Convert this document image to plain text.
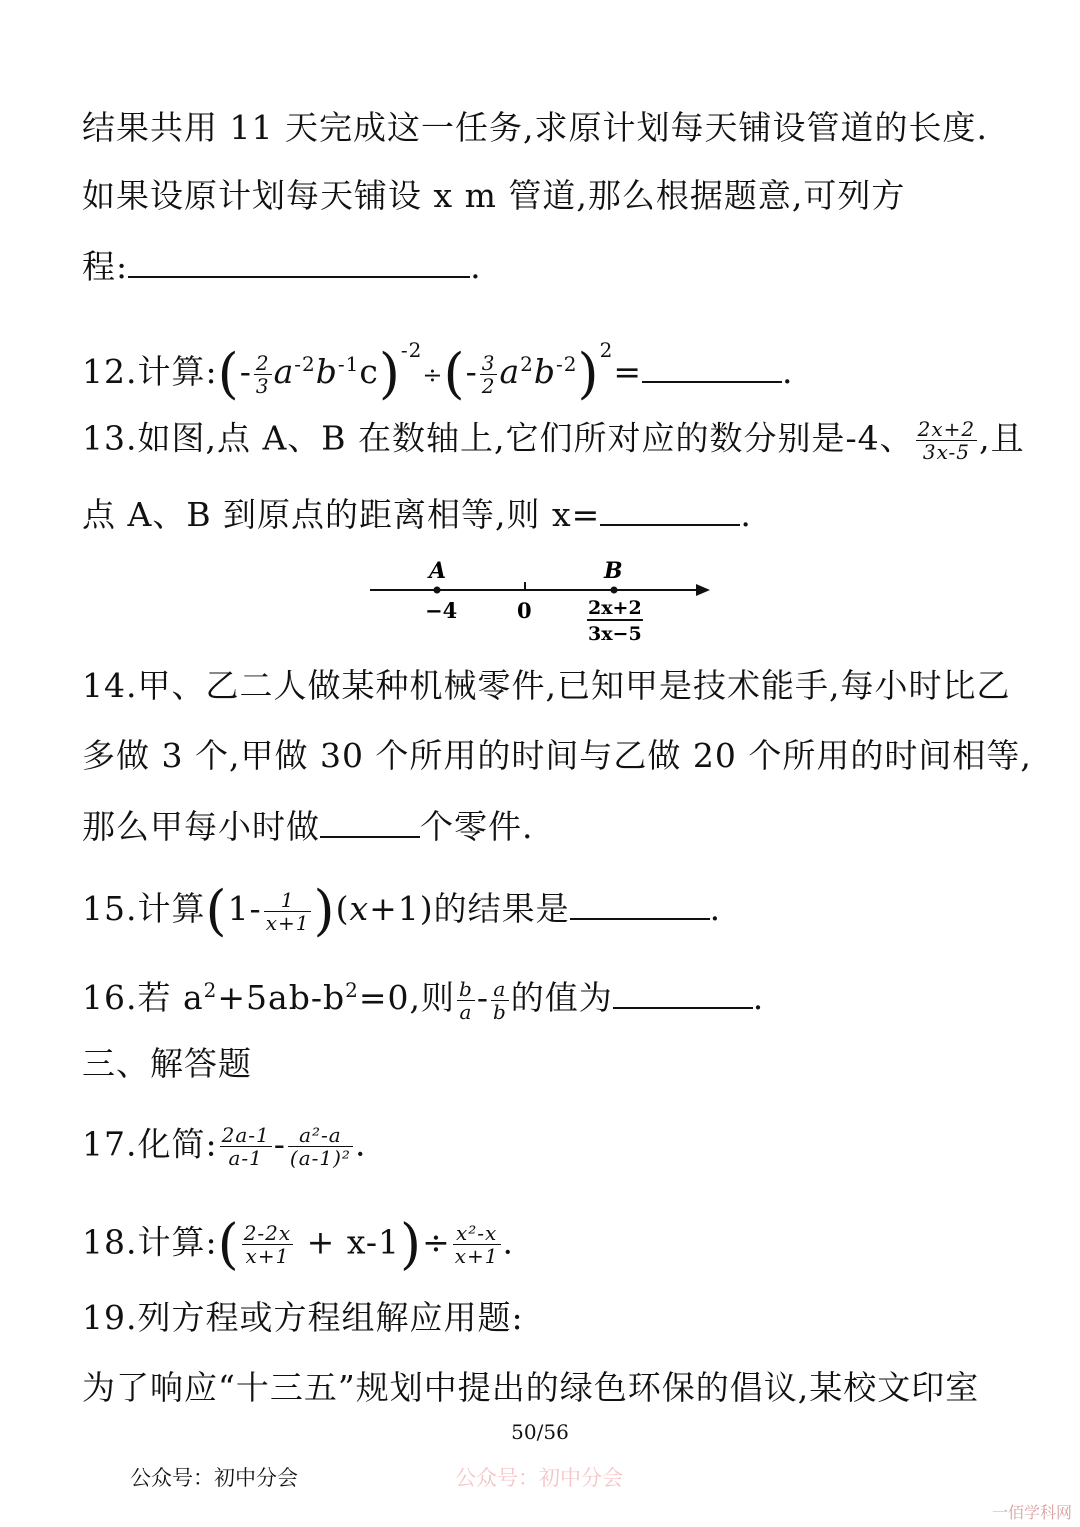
结果共用 11 天完成这一任务,求原计划每天铺设管道的长度.
如果设原计划每天铺设 x m 管道,那么根据题意,可列方
程:	.
12.计算:(- $\frac{2}{3} a^{-2}b^{-1}c)^{-2}\div(- \frac{3}{2} a^2b^{-2})^2=$	.
13.如图,点 A、B 在数轴上,它们所对应的数分别是-4、 $\frac{2x+2}{3x-5}$ ,且
点 A、B 到原点的距离相等,则 x=	.
A	B
−4	0	2x+2
3x−5
14.甲、乙二人做某种机械零件,已知甲是技术能手,每小时比乙
多做 3 个,甲做 30 个所用的时间与乙做 20 个所用的时间相等,
那么甲每小时做	个零件.
15.计算$(1- \frac{1}{x+1} )(x+1)$的结果是	.
16.若 $a^2+5ab-b^2=0$,则 $\frac{b}{a} - \frac{a}{b}$ 的值为	.
三、解答题
17.化简: $\frac{2a-1}{a-1} - \frac{\text{a²-a}}{\text{(a-1)²}}$ .
18.计算:( $\frac{2-2x}{x+1} + x-1)\div \frac{\text{x²-x}}{x+1}$ .
19.列方程或方程组解应用题:
为了响应“十三五”规划中提出的绿色环保的倡议,某校文印室
50/56
公众号：初中分会	公众号：初中分会
一佰学科网
